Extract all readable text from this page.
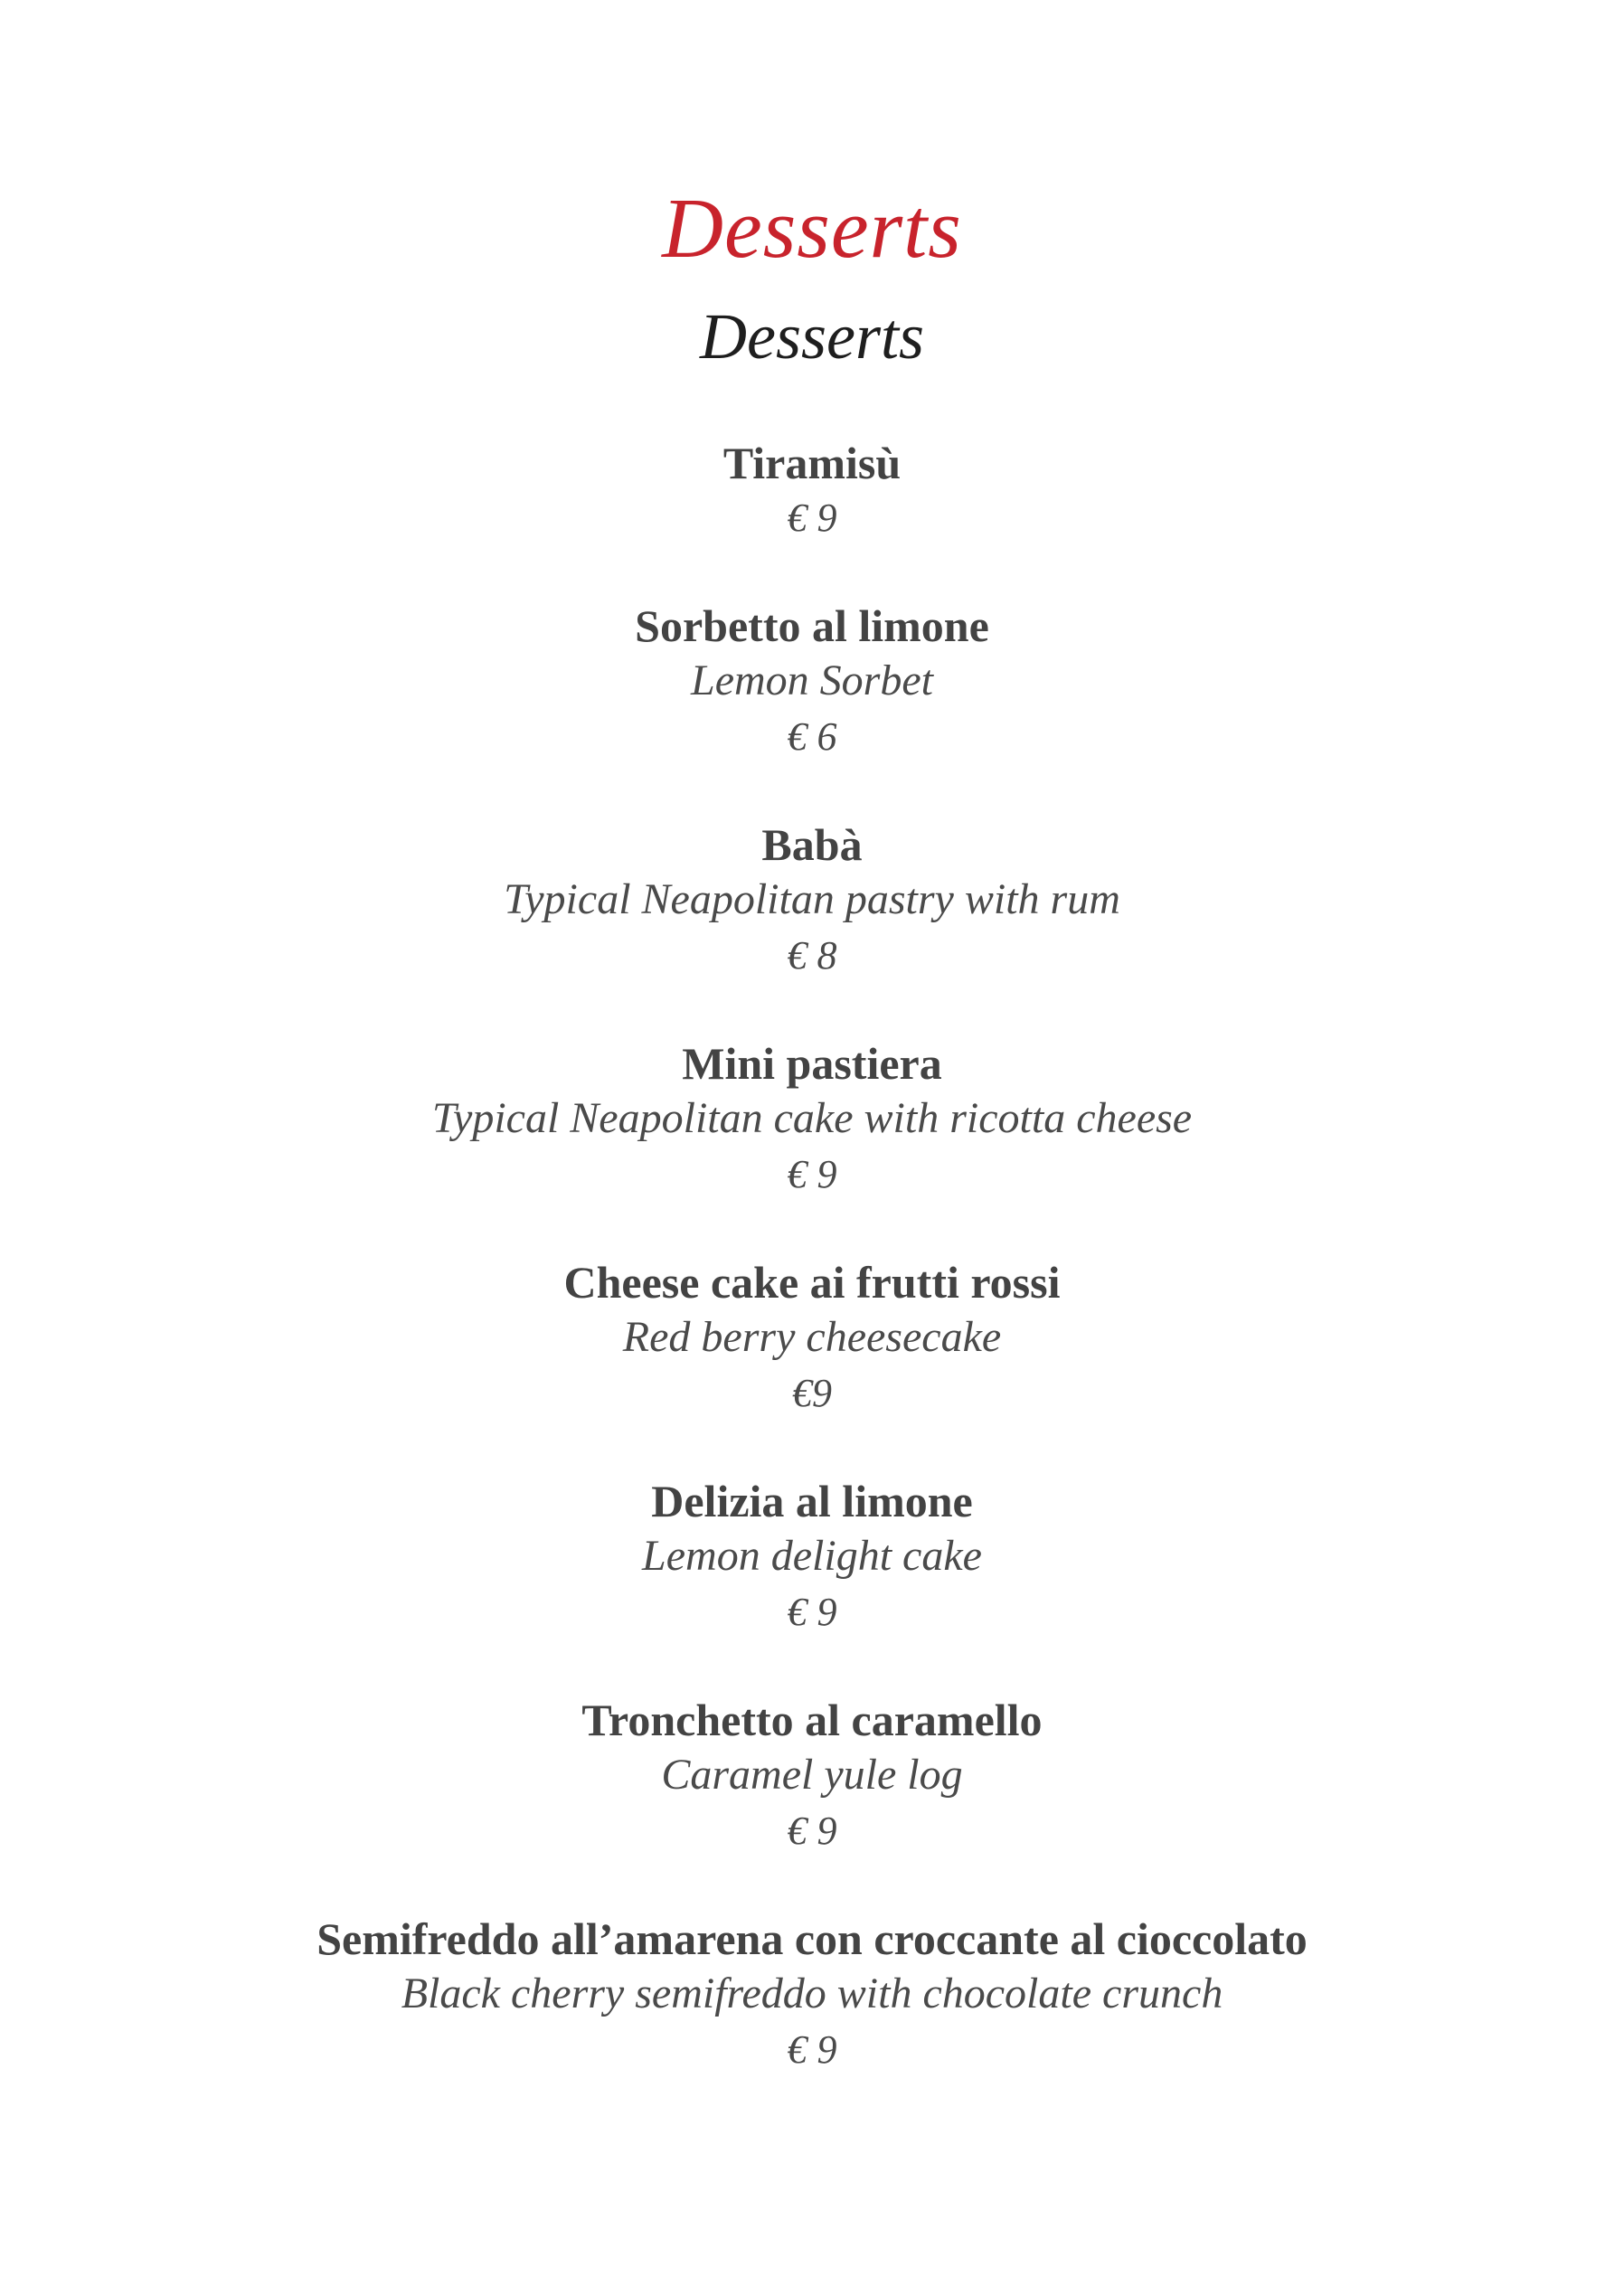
Desserts
Desserts
Tiramisù
€ 9
Sorbetto al limone
Lemon Sorbet
€ 6
Babà
Typical Neapolitan pastry with rum
€ 8
Mini pastiera
Typical Neapolitan cake with ricotta cheese
€ 9
Cheese cake ai frutti rossi
Red berry cheesecake
€9
Delizia al limone
Lemon delight cake
€ 9
Tronchetto al caramello
Caramel yule log
€ 9
Semifreddo all’amarena con croccante al cioccolato
Black cherry semifreddo with chocolate crunch
€ 9
